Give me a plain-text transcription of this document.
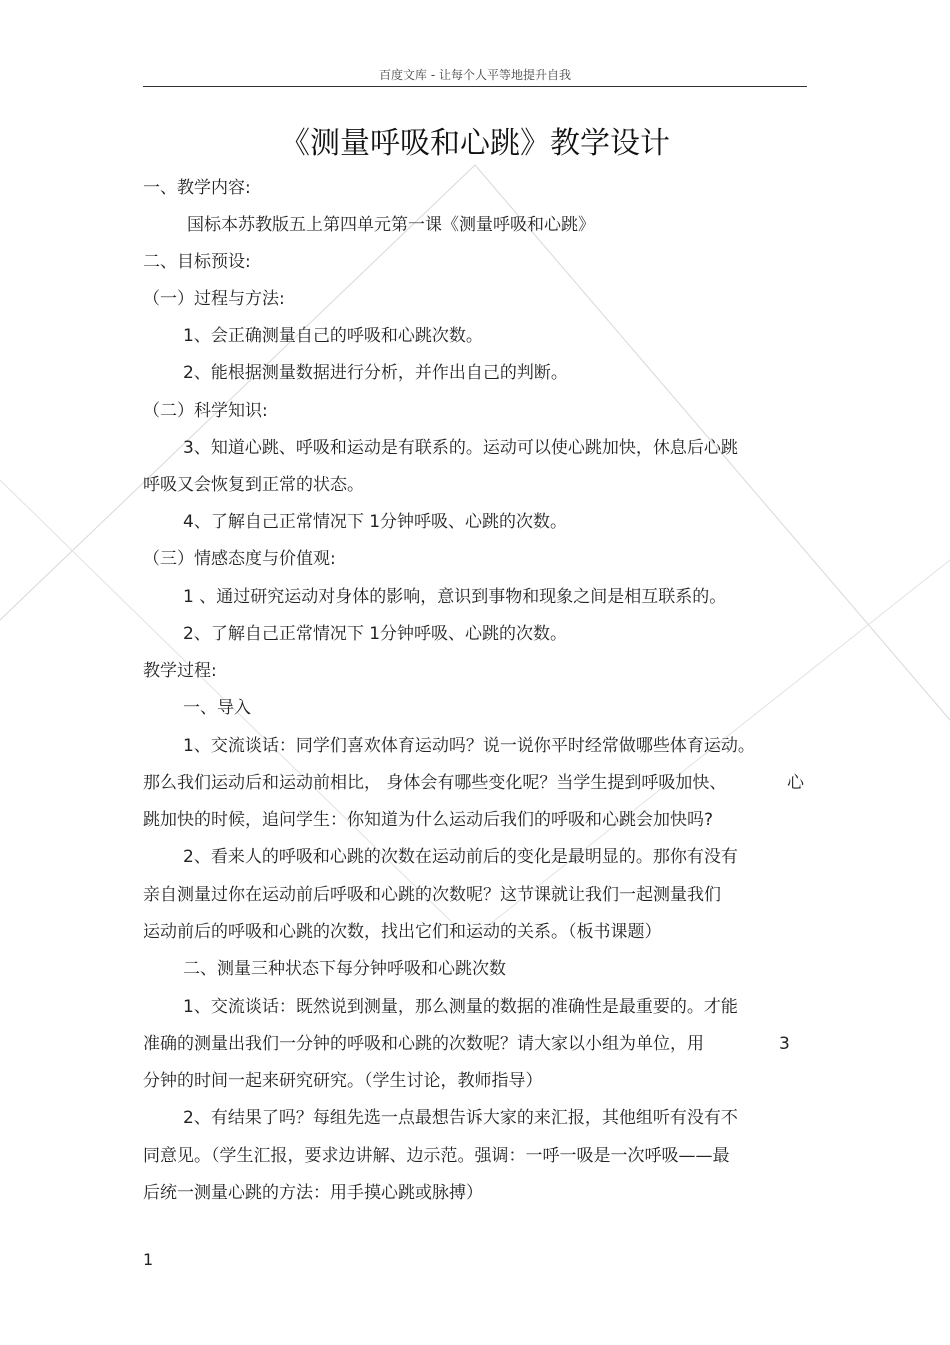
百度文库 - 让每个人平等地提升自我
《测量呼吸和心跳》教学设计
一、教学内容:
国标本苏教版五上第四单元第一课《测量呼吸和心跳》
二、目标预设:
（一）过程与方法:
1、会正确测量自己的呼吸和心跳次数。
2、能根据测量数据进行分析，并作出自己的判断。
（二）科学知识:
3、知道心跳、呼吸和运动是有联系的。运动可以使心跳加快，休息后心跳
呼吸又会恢复到正常的状态。
4、了解自己正常情况下 1分钟呼吸、心跳的次数。
（三）情感态度与价值观:
1 、通过研究运动对身体的影响，意识到事物和现象之间是相互联系的。
2、了解自己正常情况下 1分钟呼吸、心跳的次数。
教学过程:
一、导入
1、交流谈话：同学们喜欢体育运动吗？说一说你平时经常做哪些体育运动。
那么我们运动后和运动前相比， 身体会有哪些变化呢？当学生提到呼吸加快、	心
跳加快的时候，追问学生：你知道为什么运动后我们的呼吸和心跳会加快吗?
2、看来人的呼吸和心跳的次数在运动前后的变化是最明显的。那你有没有
亲自测量过你在运动前后呼吸和心跳的次数呢？这节课就让我们一起测量我们
运动前后的呼吸和心跳的次数，找出它们和运动的关系。（板书课题）
二、测量三种状态下每分钟呼吸和心跳次数
1、交流谈话：既然说到测量，那么测量的数据的准确性是最重要的。才能
准确的测量出我们一分钟的呼吸和心跳的次数呢？请大家以小组为单位，用	3
分钟的时间一起来研究研究。（学生讨论，教师指导）
2、有结果了吗？每组先选一点最想告诉大家的来汇报，其他组听有没有不
同意见。（学生汇报，要求边讲解、边示范。强调：一呼一吸是一次呼吸——最
后统一测量心跳的方法：用手摸心跳或脉搏）
1
